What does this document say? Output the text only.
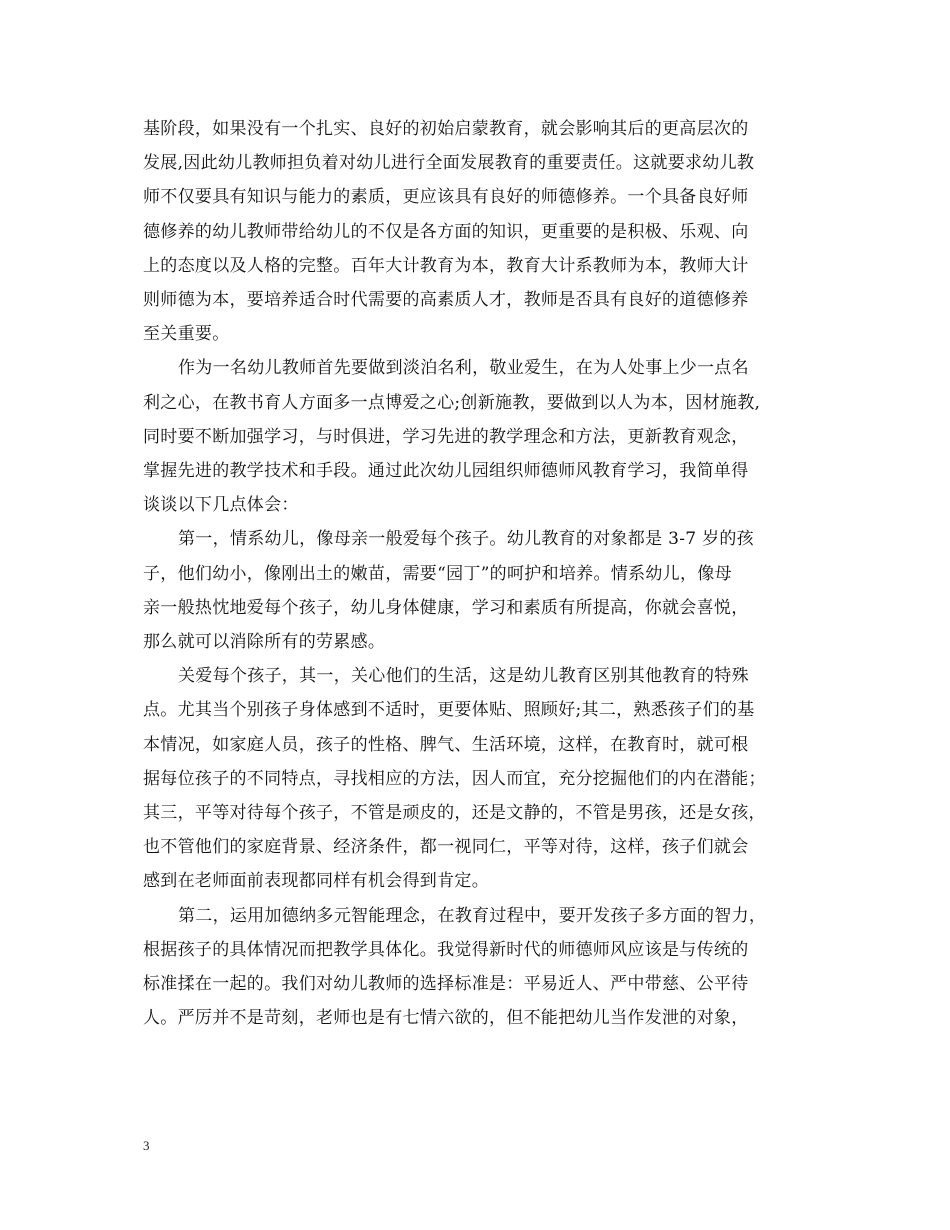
基阶段，如果没有一个扎实、良好的初始启蒙教育，就会影响其后的更高层次的
发展,因此幼儿教师担负着对幼儿进行全面发展教育的重要责任。这就要求幼儿教
师不仅要具有知识与能力的素质，更应该具有良好的师德修养。一个具备良好师
德修养的幼儿教师带给幼儿的不仅是各方面的知识，更重要的是积极、乐观、向
上的态度以及人格的完整。百年大计教育为本，教育大计系教师为本，教师大计
则师德为本，要培养适合时代需要的高素质人才，教师是否具有良好的道德修养
至关重要。

作为一名幼儿教师首先要做到淡泊名利，敬业爱生，在为人处事上少一点名
利之心，在教书育人方面多一点博爱之心;创新施教，要做到以人为本，因材施教,
同时要不断加强学习，与时俱进，学习先进的教学理念和方法，更新教育观念，
掌握先进的教学技术和手段。通过此次幼儿园组织师德师风教育学习，我简单得
谈谈以下几点体会：

第一，情系幼儿，像母亲一般爱每个孩子。幼儿教育的对象都是 3-7 岁的孩
子，他们幼小，像刚出土的嫩苗，需要“园丁”的呵护和培养。情系幼儿，像母
亲一般热忱地爱每个孩子，幼儿身体健康，学习和素质有所提高，你就会喜悦，
那么就可以消除所有的劳累感。

关爱每个孩子，其一，关心他们的生活，这是幼儿教育区别其他教育的特殊
点。尤其当个别孩子身体感到不适时，更要体贴、照顾好;其二，熟悉孩子们的基
本情况，如家庭人员，孩子的性格、脾气、生活环境，这样，在教育时，就可根
据每位孩子的不同特点，寻找相应的方法，因人而宜，充分挖掘他们的内在潜能；
其三，平等对待每个孩子，不管是顽皮的，还是文静的，不管是男孩，还是女孩，
也不管他们的家庭背景、经济条件，都一视同仁，平等对待，这样，孩子们就会
感到在老师面前表现都同样有机会得到肯定。

第二，运用加德纳多元智能理念，在教育过程中，要开发孩子多方面的智力，
根据孩子的具体情况而把教学具体化。我觉得新时代的师德师风应该是与传统的
标准揉在一起的。我们对幼儿教师的选择标准是：平易近人、严中带慈、公平待
人。严厉并不是苛刻，老师也是有七情六欲的，但不能把幼儿当作发泄的对象，

3
